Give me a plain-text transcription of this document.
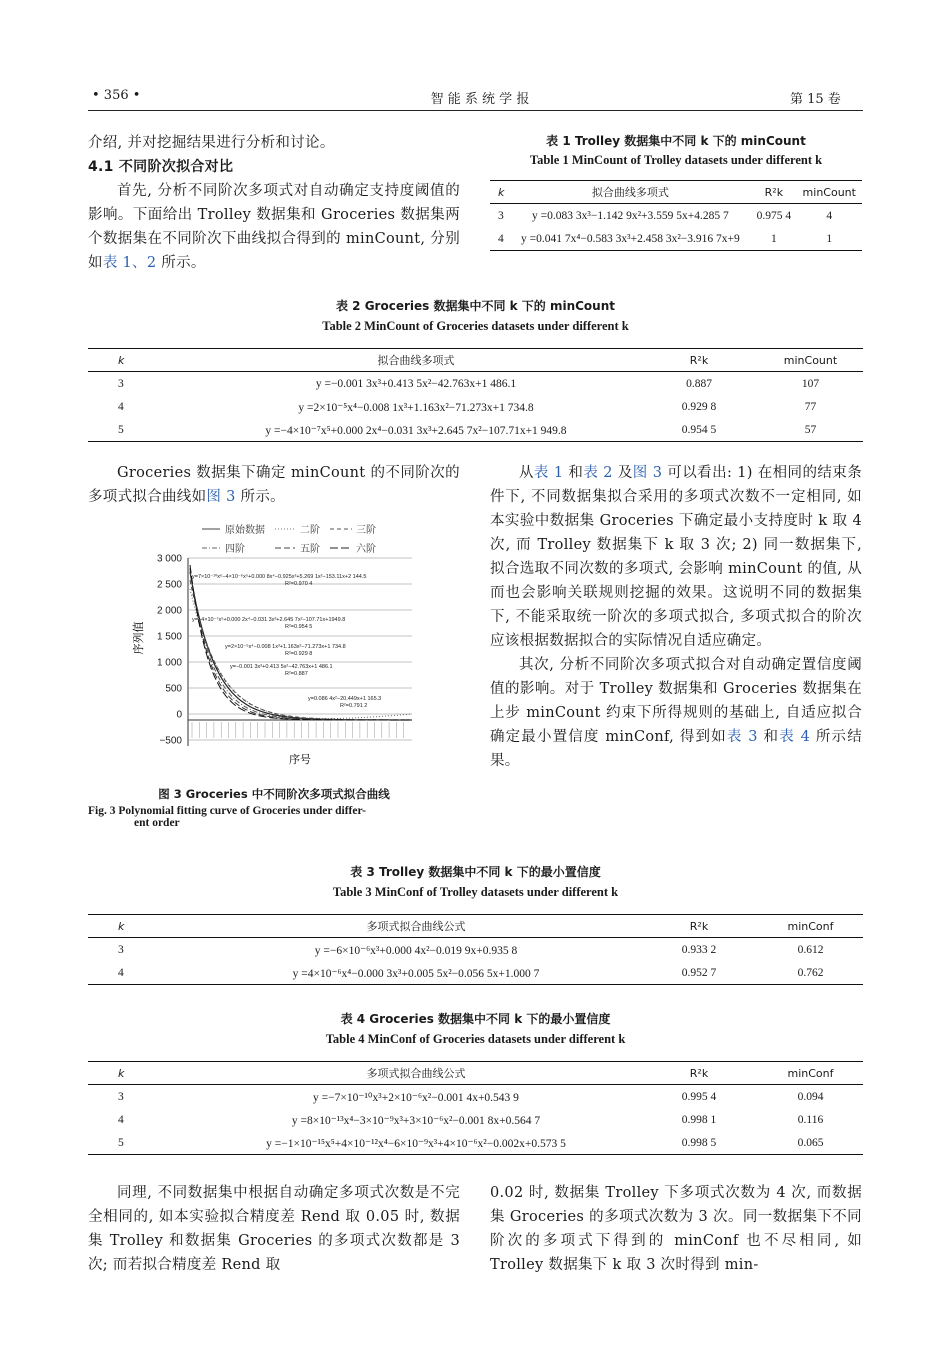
• 356 •	智 能 系 统 学 报	第 15 卷

介绍, 并对挖掘结果进行分析和讨论。

4.1 不同阶次拟合对比

首先, 分析不同阶次多项式对自动确定支持度阈值的影响。下面给出 Trolley 数据集和 Groceries 数据集两个数据集在不同阶次下曲线拟合得到的 minCount, 分别如表 1、2 所示。

表 1 Trolley 数据集中不同 k 下的 minCount
Table 1 MinCount of Trolley datasets under different k
k	拟合曲线多项式	R²k	minCount
3	y =0.083 3x³−1.142 9x²+3.559 5x+4.285 7	0.975 4	4
4	y =0.041 7x⁴−0.583 3x³+2.458 3x²−3.916 7x+9	1	1
表 2 Groceries 数据集中不同 k 下的 minCount
Table 2 MinCount of Groceries datasets under different k
k	拟合曲线多项式	R²k	minCount
3	y =−0.001 3x³+0.413 5x²−42.763x+1 486.1	0.887	107
4	y =2×10⁻⁵x⁴−0.008 1x³+1.163x²−71.273x+1 734.8	0.929 8	77
5	y =−4×10⁻⁷x⁵+0.000 2x⁴−0.031 3x³+2.645 7x²−107.71x+1 949.8	0.954 5	57

Groceries 数据集下确定 minCount 的不同阶次的多项式拟合曲线如图 3 所示。

原始数据	二阶	三阶
四阶	五阶	六阶
3 000
2 500
2 000
1 500
1 000
500
0
−500
序列值
序号
y=7×10⁻¹⁰x⁶−4×10⁻⁶x⁵+0.000 8x⁴−0.925x³+5.269 1x²−153.11x+2 144.5
R²=0.970 4
y=−4×10⁻⁷x⁵+0.000 2x⁴−0.031 3x³+2.645 7x²−107.71x+1949.8
R²=0.954 5
y=2×10⁻⁵x⁴−0.008 1x³+1.163x²−71.273x+1 734.8
R²=0.929 8
y=−0.001 3x³+0.413 5x²−42.763x+1 486.1
R²=0.887
y=0.086 4x²−20.449x+1 165.3
R²=0.791 2
图 3 Groceries 中不同阶次多项式拟合曲线
Fig. 3 Polynomial fitting curve of Groceries under differ-
ent order

从表 1 和表 2 及图 3 可以看出: 1) 在相同的结束条件下, 不同数据集拟合采用的多项式次数不一定相同, 如本实验中数据集 Groceries 下确定最小支持度时 k 取 4 次, 而 Trolley 数据集下 k 取 3 次; 2) 同一数据集下, 拟合选取不同次数的多项式, 会影响 minCount 的值, 从而也会影响关联规则挖掘的效果。这说明不同的数据集下, 不能采取统一阶次的多项式拟合, 多项式拟合的阶次应该根据数据拟合的实际情况自适应确定。

其次, 分析不同阶次多项式拟合对自动确定置信度阈值的影响。对于 Trolley 数据集和 Groceries 数据集在上步 minCount 约束下所得规则的基础上, 自适应拟合确定最小置信度 minConf, 得到如表 3 和表 4 所示结果。

表 3 Trolley 数据集中不同 k 下的最小置信度
Table 3 MinConf of Trolley datasets under different k
k	多项式拟合曲线公式	R²k	minConf
3	y =−6×10⁻⁶x³+0.000 4x²−0.019 9x+0.935 8	0.933 2	0.612
4	y =4×10⁻⁶x⁴−0.000 3x³+0.005 5x²−0.056 5x+1.000 7	0.952 7	0.762
表 4 Groceries 数据集中不同 k 下的最小置信度
Table 4 MinConf of Groceries datasets under different k
k	多项式拟合曲线公式	R²k	minConf
3	y =−7×10⁻¹⁰x³+2×10⁻⁶x²−0.001 4x+0.543 9	0.995 4	0.094
4	y =8×10⁻¹³x⁴−3×10⁻⁹x³+3×10⁻⁶x²−0.001 8x+0.564 7	0.998 1	0.116
5	y =−1×10⁻¹⁵x⁵+4×10⁻¹²x⁴−6×10⁻⁹x³+4×10⁻⁶x²−0.002x+0.573 5	0.998 5	0.065

同理, 不同数据集中根据自动确定多项式次数是不完全相同的, 如本实验拟合精度差 Rend 取 0.05 时, 数据集 Trolley 和数据集 Groceries 的多项式次数都是 3 次; 而若拟合精度差 Rend 取

0.02 时, 数据集 Trolley 下多项式次数为 4 次, 而数据集 Groceries 的多项式次数为 3 次。同一数据集下不同阶次的多项式下得到的 minConf 也不尽相同, 如 Trolley 数据集下 k 取 3 次时得到 min-
